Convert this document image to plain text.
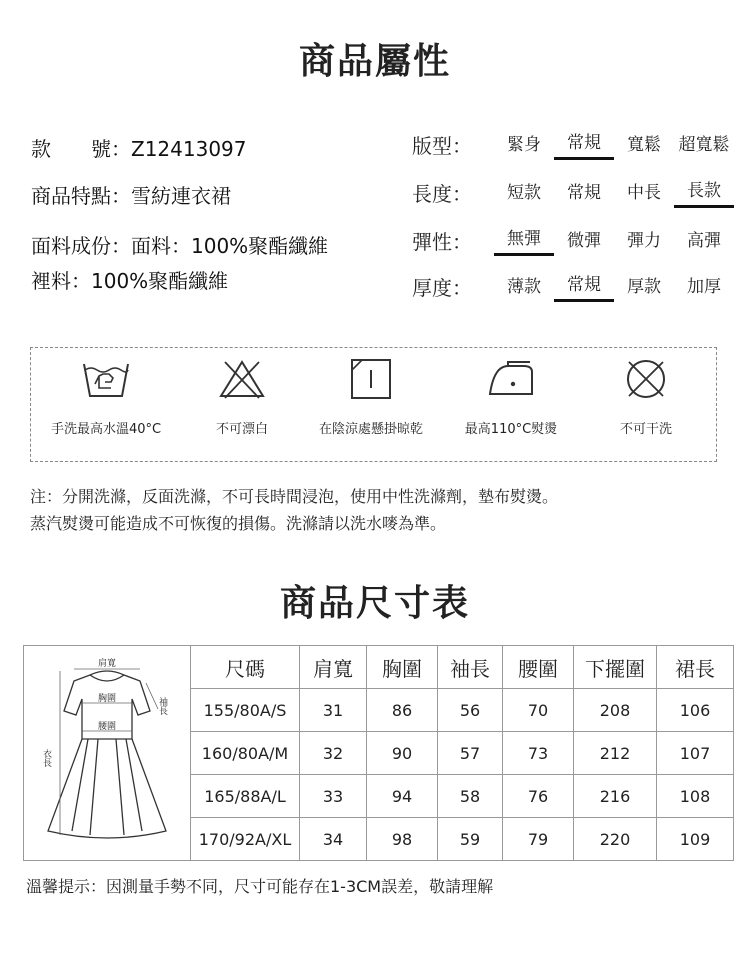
商品屬性
款　　號：Z12413097
商品特點：雪紡連衣裙
面料成份：面料：100%聚酯纖維
裡料：100%聚酯纖維
版型：	緊身	常規	寬鬆	超寬鬆
長度：	短款	常規	中長	長款
彈性：	無彈	微彈	彈力	高彈
厚度：	薄款	常規	厚款	加厚
手洗最高水溫40°C	不可漂白	在陰涼處懸掛晾乾	最高110°C熨燙	不可干洗
注：分開洗滌，反面洗滌，不可長時間浸泡，使用中性洗滌劑，墊布熨燙。
蒸汽熨燙可能造成不可恢復的損傷。洗滌請以洗水嘜為準。
商品尺寸表
肩寬
胸圍
腰圍
袖長
衣長	尺碼	肩寬	胸圍	袖長	腰圍	下擺圍	裙長
	155/80A/S	31	86	56	70	208	106
	160/80A/M	32	90	57	73	212	107
	165/88A/L	33	94	58	76	216	108
	170/92A/XL	34	98	59	79	220	109
溫馨提示：因測量手勢不同，尺寸可能存在1-3CM誤差，敬請理解
